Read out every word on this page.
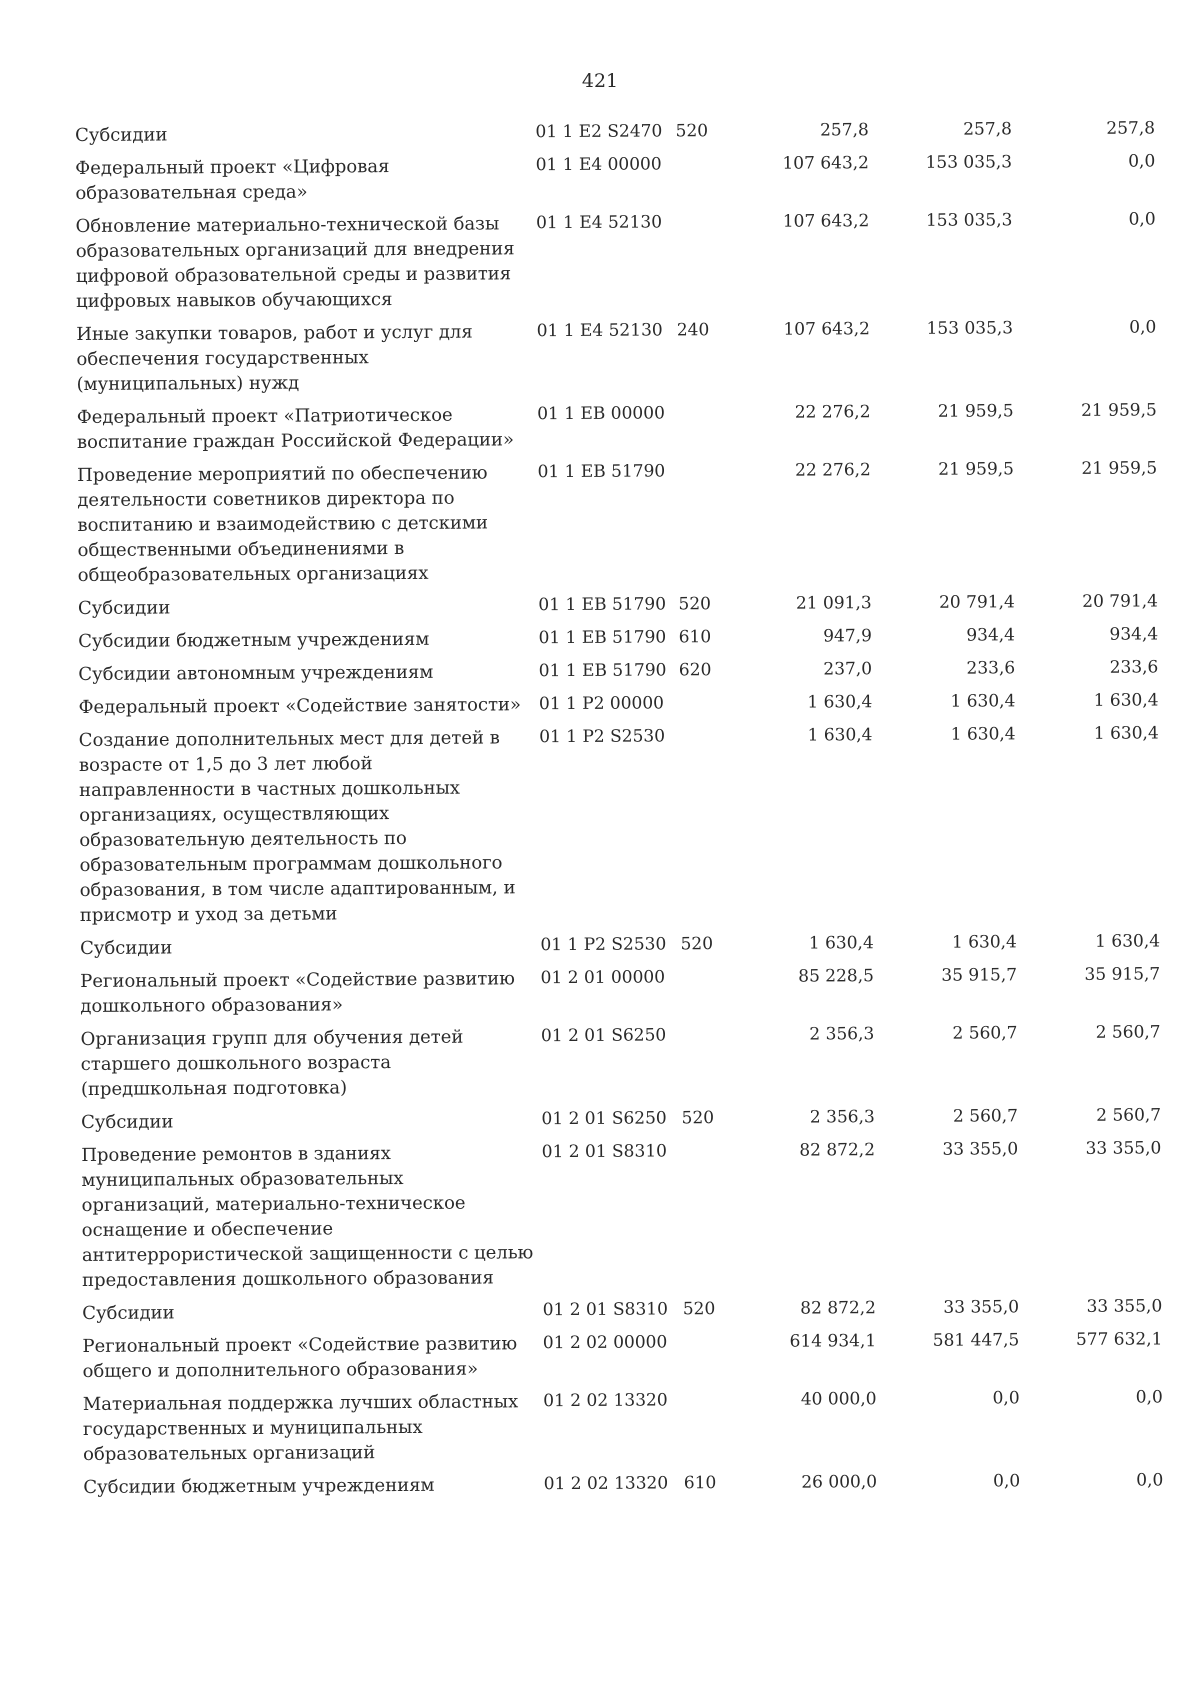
421
Субсидии	01 1 E2 S2470	520	257,8	257,8	257,8
Федеральный проект «Цифровая образовательная среда»	01 1 E4 00000		107 643,2	153 035,3	0,0
Обновление материально-технической базы образовательных организаций для внедрения цифровой образовательной среды и развития цифровых навыков обучающихся	01 1 E4 52130		107 643,2	153 035,3	0,0
Иные закупки товаров, работ и услуг для обеспечения государственных (муниципальных) нужд	01 1 E4 52130	240	107 643,2	153 035,3	0,0
Федеральный проект «Патриотическое воспитание граждан Российской Федерации»	01 1 EB 00000		22 276,2	21 959,5	21 959,5
Проведение мероприятий по обеспечению деятельности советников директора по воспитанию и взаимодействию с детскими общественными объединениями в общеобразовательных организациях	01 1 EB 51790		22 276,2	21 959,5	21 959,5
Субсидии	01 1 EB 51790	520	21 091,3	20 791,4	20 791,4
Субсидии бюджетным учреждениям	01 1 EB 51790	610	947,9	934,4	934,4
Субсидии автономным учреждениям	01 1 EB 51790	620	237,0	233,6	233,6
Федеральный проект «Содействие занятости»	01 1 P2 00000		1 630,4	1 630,4	1 630,4
Создание дополнительных мест для детей в возрасте от 1,5 до 3 лет любой направленности в частных дошкольных организациях, осуществляющих образовательную деятельность по образовательным программам дошкольного образования, в том числе адаптированным, и присмотр и уход за детьми	01 1 P2 S2530		1 630,4	1 630,4	1 630,4
Субсидии	01 1 P2 S2530	520	1 630,4	1 630,4	1 630,4
Региональный проект «Содействие развитию дошкольного образования»	01 2 01 00000		85 228,5	35 915,7	35 915,7
Организация групп для обучения детей старшего дошкольного возраста (предшкольная подготовка)	01 2 01 S6250		2 356,3	2 560,7	2 560,7
Субсидии	01 2 01 S6250	520	2 356,3	2 560,7	2 560,7
Проведение ремонтов в зданиях муниципальных образовательных организаций, материально-техническое оснащение и обеспечение антитеррористической защищенности с целью предоставления дошкольного образования	01 2 01 S8310		82 872,2	33 355,0	33 355,0
Субсидии	01 2 01 S8310	520	82 872,2	33 355,0	33 355,0
Региональный проект «Содействие развитию общего и дополнительного образования»	01 2 02 00000		614 934,1	581 447,5	577 632,1
Материальная поддержка лучших областных государственных и муниципальных образовательных организаций	01 2 02 13320		40 000,0	0,0	0,0
Субсидии бюджетным учреждениям	01 2 02 13320	610	26 000,0	0,0	0,0
